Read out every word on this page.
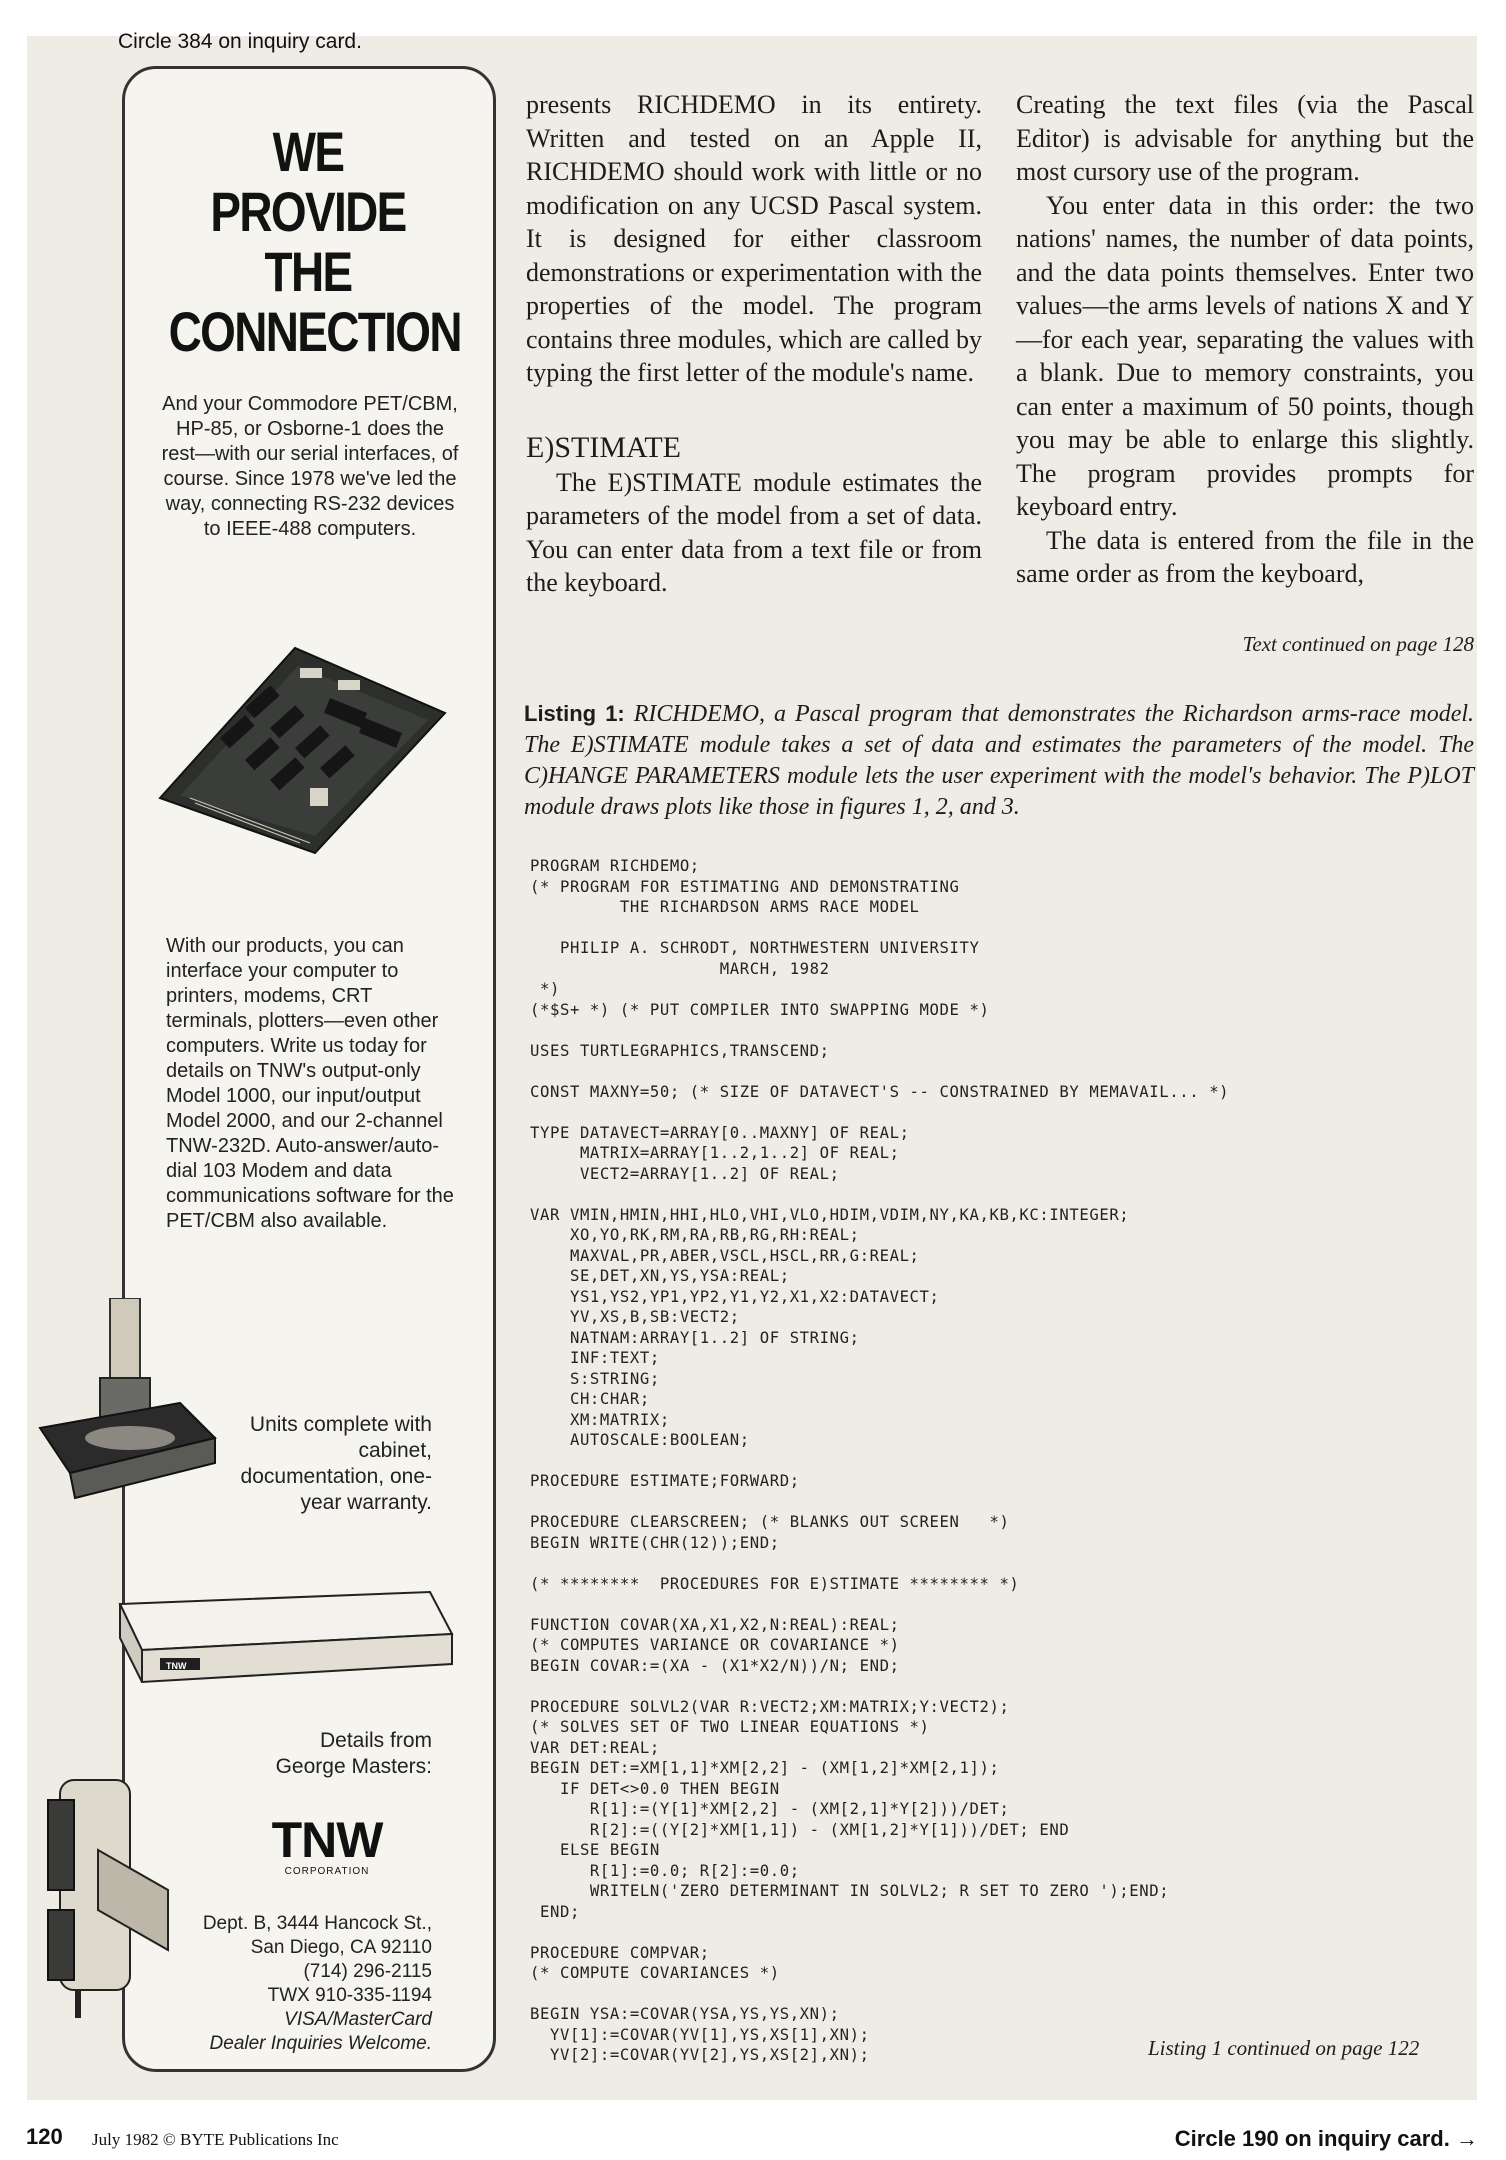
Circle 384 on inquiry card.
WE
PROVIDE
THE
CONNECTION
And your Commodore PET/CBM, HP-85, or Osborne-1 does the rest—with our serial interfaces, of course. Since 1978 we've led the way, connecting RS-232 devices to IEEE-488 computers.
With our products, you can interface your computer to printers, modems, CRT terminals, plotters—even other computers. Write us today for details on TNW's output-only Model 1000, our input/output Model 2000, and our 2-channel TNW-232D. Auto-answer/auto-dial 103 Modem and data communications software for the PET/CBM also available.
Units complete with cabinet, documentation, one-year warranty.
TNW
Details from George Masters:
TNW
CORPORATION
Dept. B, 3444 Hancock St.,
San Diego, CA 92110
(714) 296-2115
TWX 910-335-1194
VISA/MasterCard
Dealer Inquiries Welcome.

presents RICHDEMO in its entirety. Written and tested on an Apple II, RICHDEMO should work with little or no modification on any UCSD Pascal system. It is designed for either classroom demonstrations or experimentation with the properties of the model. The program contains three modules, which are called by typing the first letter of the module's name.

E)STIMATE

The E)STIMATE module estimates the parameters of the model from a set of data. You can enter data from a text file or from the keyboard.

Creating the text files (via the Pascal Editor) is advisable for anything but the most cursory use of the program.

You enter data in this order: the two nations' names, the number of data points, and the data points themselves. Enter two values—the arms levels of nations X and Y—for each year, separating the values with a blank. Due to memory constraints, you can enter a maximum of 50 points, though you may be able to enlarge this slightly. The program provides prompts for keyboard entry.

The data is entered from the file in the same order as from the keyboard,

Text continued on page 128
Listing 1: RICHDEMO, a Pascal program that demonstrates the Richardson arms-race model. The E)STIMATE module takes a set of data and estimates the parameters of the model. The C)HANGE PARAMETERS module lets the user experiment with the model's behavior. The P)LOT module draws plots like those in figures 1, 2, and 3.
PROGRAM RICHDEMO;
(* PROGRAM FOR ESTIMATING AND DEMONSTRATING
THE RICHARDSON ARMS RACE MODEL

PHILIP A. SCHRODT, NORTHWESTERN UNIVERSITY
MARCH, 1982
*)
(*$S+ *) (* PUT COMPILER INTO SWAPPING MODE *)

USES TURTLEGRAPHICS,TRANSCEND;

CONST MAXNY=50; (* SIZE OF DATAVECT'S -- CONSTRAINED BY MEMAVAIL... *)

TYPE DATAVECT=ARRAY[0..MAXNY] OF REAL;
MATRIX=ARRAY[1..2,1..2] OF REAL;
VECT2=ARRAY[1..2] OF REAL;

VAR VMIN,HMIN,HHI,HLO,VHI,VLO,HDIM,VDIM,NY,KA,KB,KC:INTEGER;
XO,YO,RK,RM,RA,RB,RG,RH:REAL;
MAXVAL,PR,ABER,VSCL,HSCL,RR,G:REAL;
SE,DET,XN,YS,YSA:REAL;
YS1,YS2,YP1,YP2,Y1,Y2,X1,X2:DATAVECT;
YV,XS,B,SB:VECT2;
NATNAM:ARRAY[1..2] OF STRING;
INF:TEXT;
S:STRING;
CH:CHAR;
XM:MATRIX;
AUTOSCALE:BOOLEAN;

PROCEDURE ESTIMATE;FORWARD;

PROCEDURE CLEARSCREEN; (* BLANKS OUT SCREEN   *)
BEGIN WRITE(CHR(12));END;

(* ********  PROCEDURES FOR E)STIMATE ******** *)

FUNCTION COVAR(XA,X1,X2,N:REAL):REAL;
(* COMPUTES VARIANCE OR COVARIANCE *)
BEGIN COVAR:=(XA - (X1*X2/N))/N; END;

PROCEDURE SOLVL2(VAR R:VECT2;XM:MATRIX;Y:VECT2);
(* SOLVES SET OF TWO LINEAR EQUATIONS *)
VAR DET:REAL;
BEGIN DET:=XM[1,1]*XM[2,2] - (XM[1,2]*XM[2,1]);
IF DET<>0.0 THEN BEGIN
R[1]:=(Y[1]*XM[2,2] - (XM[2,1]*Y[2]))/DET;
R[2]:=((Y[2]*XM[1,1]) - (XM[1,2]*Y[1]))/DET; END
ELSE BEGIN
R[1]:=0.0; R[2]:=0.0;
WRITELN('ZERO DETERMINANT IN SOLVL2; R SET TO ZERO ');END;
END;

PROCEDURE COMPVAR;
(* COMPUTE COVARIANCES *)

BEGIN YSA:=COVAR(YSA,YS,YS,XN);
YV[1]:=COVAR(YV[1],YS,XS[1],XN);
YV[2]:=COVAR(YV[2],YS,XS[2],XN);	Listing 1 continued on page 122
120 July 1982 © BYTE Publications Inc	Circle 190 on inquiry card. →
